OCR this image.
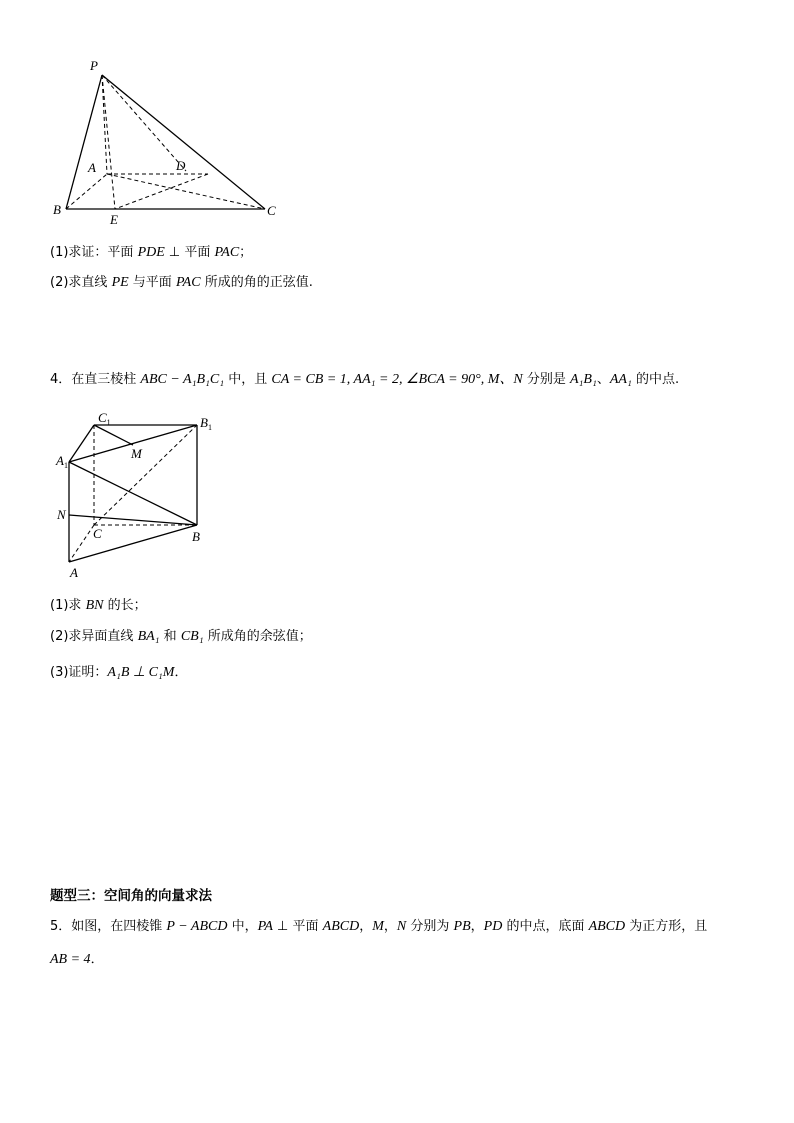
P
A	D
B
E
C
(1)求证：平面 PDE ⊥ 平面 PAC；
(2)求直线 PE 与平面 PAC 所成的角的正弦值.
4．在直三棱柱 ABC − A₁B₁C₁ 中，且 CA = CB = 1, AA₁ = 2, ∠BCA = 90°, M、N 分别是 A₁B₁、AA₁ 的中点.
$C_1$	$B_1$
$A_1$
M
N
C	B
A
(1)求 BN 的长；
(2)求异面直线 BA₁ 和 CB₁ 所成角的余弦值；
(3)证明：A₁B ⊥ C₁M．
题型三：空间角的向量求法
5．如图，在四棱锥 P − ABCD 中，PA ⊥ 平面 ABCD，M，N 分别为 PB，PD 的中点，底面 ABCD 为正方形，且
AB = 4．
